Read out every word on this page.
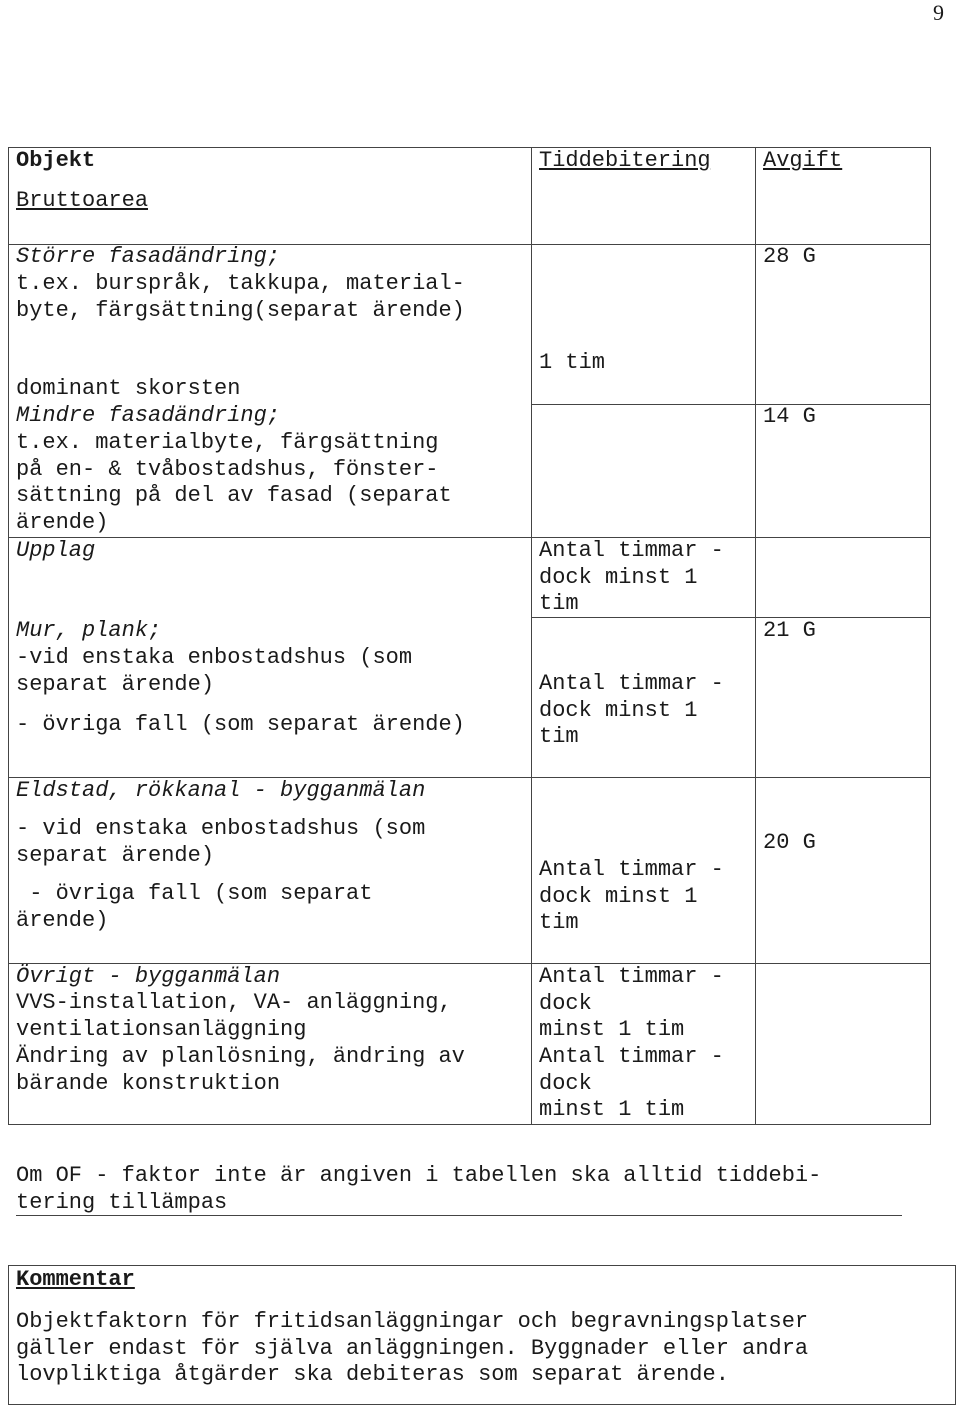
9
Objekt
Bruttoarea
Tiddebitering Avgift
Större fasadändring;
t.ex. burspråk, takkupa, material-
byte, färgsättning(separat ärende)
28 G
dominant skorsten
1 tim
Mindre fasadändring;
t.ex. materialbyte, färgsättning
på en- & tvåbostadshus, fönster-
sättning på del av fasad (separat
ärende)
14 G
Upplag	Antal timmar -
dock minst 1
tim
Mur, plank;
-vid enstaka enbostadshus (som
separat ärende)
- övriga fall (som separat ärende)
21 G
Antal timmar -
dock minst 1
tim
Eldstad, rökkanal - bygganmälan
- vid enstaka enbostadshus (som
separat ärende)
- övriga fall (som separat
ärende)
20 G
Antal timmar -
dock minst 1
tim
Övrigt - bygganmälan
VVS-installation, VA- anläggning,
ventilationsanläggning
Antal timmar -
dock
minst 1 tim
Ändring av planlösning, ändring av
bärande konstruktion
Antal timmar -
dock
minst 1 tim
Om OF - faktor inte är angiven i tabellen ska alltid tiddebi-
tering tillämpas
Kommentar
Objektfaktorn för fritidsanläggningar och begravningsplatser
gäller endast för själva anläggningen. Byggnader eller andra
lovpliktiga åtgärder ska debiteras som separat ärende.
